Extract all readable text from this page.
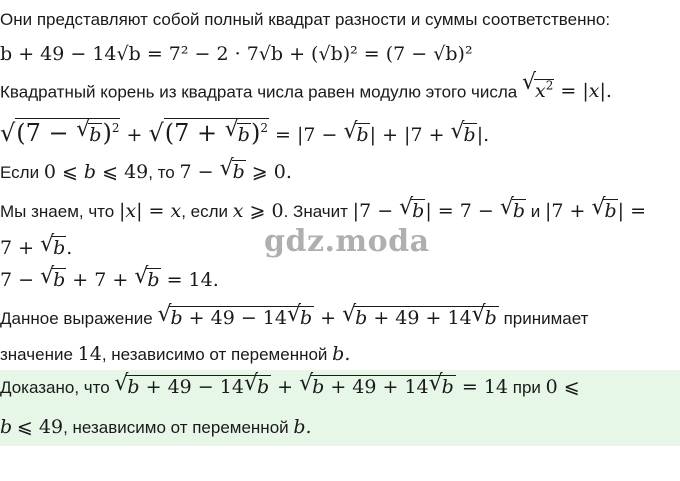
Они представляют собой полный квадрат разности и суммы соответственно:
b + 49 − 14√b = 7² − 2 · 7√b + (√b)² = (7 − √b)²
Квадратный корень из квадрата числа равен модулю этого числа √ $x^2 = |x|$.
√(7 − √ b)$^2$ + √(7 + √ b)$^2$ = |7 − √ b| + |7 + √ b|.
Если 0 ⩽ b ⩽ 49, то 7 − √ b ⩾ 0.
Мы знаем, что |x| = x, если x ⩾ 0. Значит |7 − √ b| = 7 − √ b и |7 + √ b| =
7 + √ b.
7 − √ b + 7 + √ b = 14.
Данное выражение √ b + 49 − 14 √ b + √ b + 49 + 14 √ b принимает
значение 14, независимо от переменной b.
Доказано, что √ b + 49 − 14 √ b + √ b + 49 + 14 √ b = 14 при 0 ⩽
b ⩽ 49, независимо от переменной b.
gdz.moda
